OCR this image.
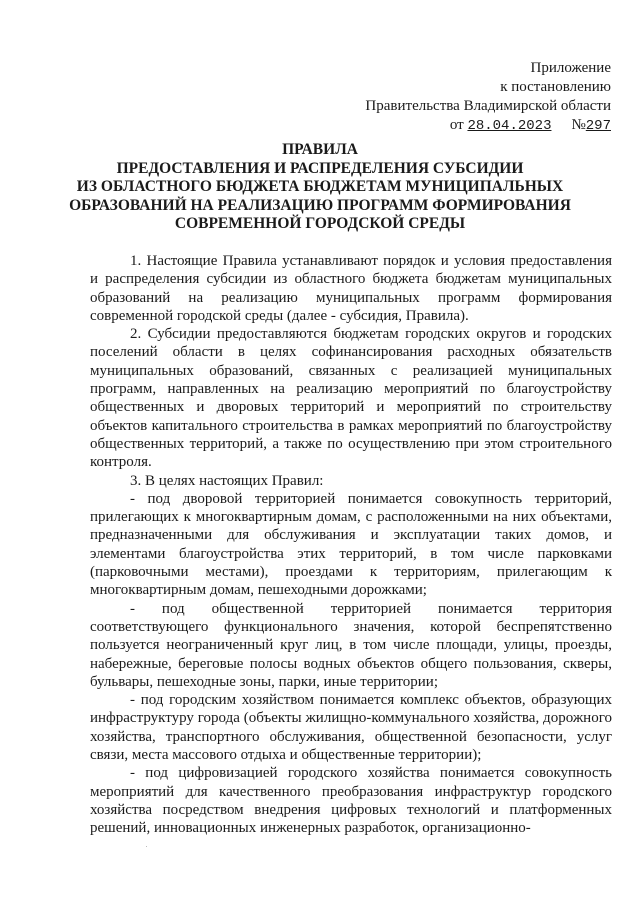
Приложение
к постановлению
Правительства Владимирской области
от 28.04.2023 №297
ПРАВИЛА
ПРЕДОСТАВЛЕНИЯ И РАСПРЕДЕЛЕНИЯ СУБСИДИИ
ИЗ ОБЛАСТНОГО БЮДЖЕТА БЮДЖЕТАМ МУНИЦИПАЛЬНЫХ
ОБРАЗОВАНИЙ НА РЕАЛИЗАЦИЮ ПРОГРАММ ФОРМИРОВАНИЯ
СОВРЕМЕННОЙ ГОРОДСКОЙ СРЕДЫ

1. Настоящие Правила устанавливают порядок и условия предоставления и распределения субсидии из областного бюджета бюджетам муниципальных образований на реализацию муниципальных программ формирования современной городской среды (далее - субсидия, Правила).

2. Субсидии предоставляются бюджетам городских округов и городских поселений области в целях софинансирования расходных обязательств муниципальных образований, связанных с реализацией муниципальных программ, направленных на реализацию мероприятий по благоустройству общественных и дворовых территорий и мероприятий по строительству объектов капитального строительства в рамках мероприятий по благоустройству общественных территорий, а также по осуществлению при этом строительного контроля.

3. В целях настоящих Правил:

- под дворовой территорией понимается совокупность территорий, прилегающих к многоквартирным домам, с расположенными на них объектами, предназначенными для обслуживания и эксплуатации таких домов, и элементами благоустройства этих территорий, в том числе парковками (парковочными местами), проездами к территориям, прилегающим к многоквартирным домам, пешеходными дорожками;

- под общественной территорией понимается территория соответствующего функционального значения, которой беспрепятственно пользуется неограниченный круг лиц, в том числе площади, улицы, проезды, набережные, береговые полосы водных объектов общего пользования, скверы, бульвары, пешеходные зоны, парки, иные территории;

- под городским хозяйством понимается комплекс объектов, образующих инфраструктуру города (объекты жилищно-коммунального хозяйства, дорожного хозяйства, транспортного обслуживания, общественной безопасности, услуг связи, места массового отдыха и общественные территории);

- под цифровизацией городского хозяйства понимается совокупность мероприятий для качественного преобразования инфраструктур городского хозяйства посредством внедрения цифровых технологий и платформенных решений, инновационных инженерных разработок, организационно-
